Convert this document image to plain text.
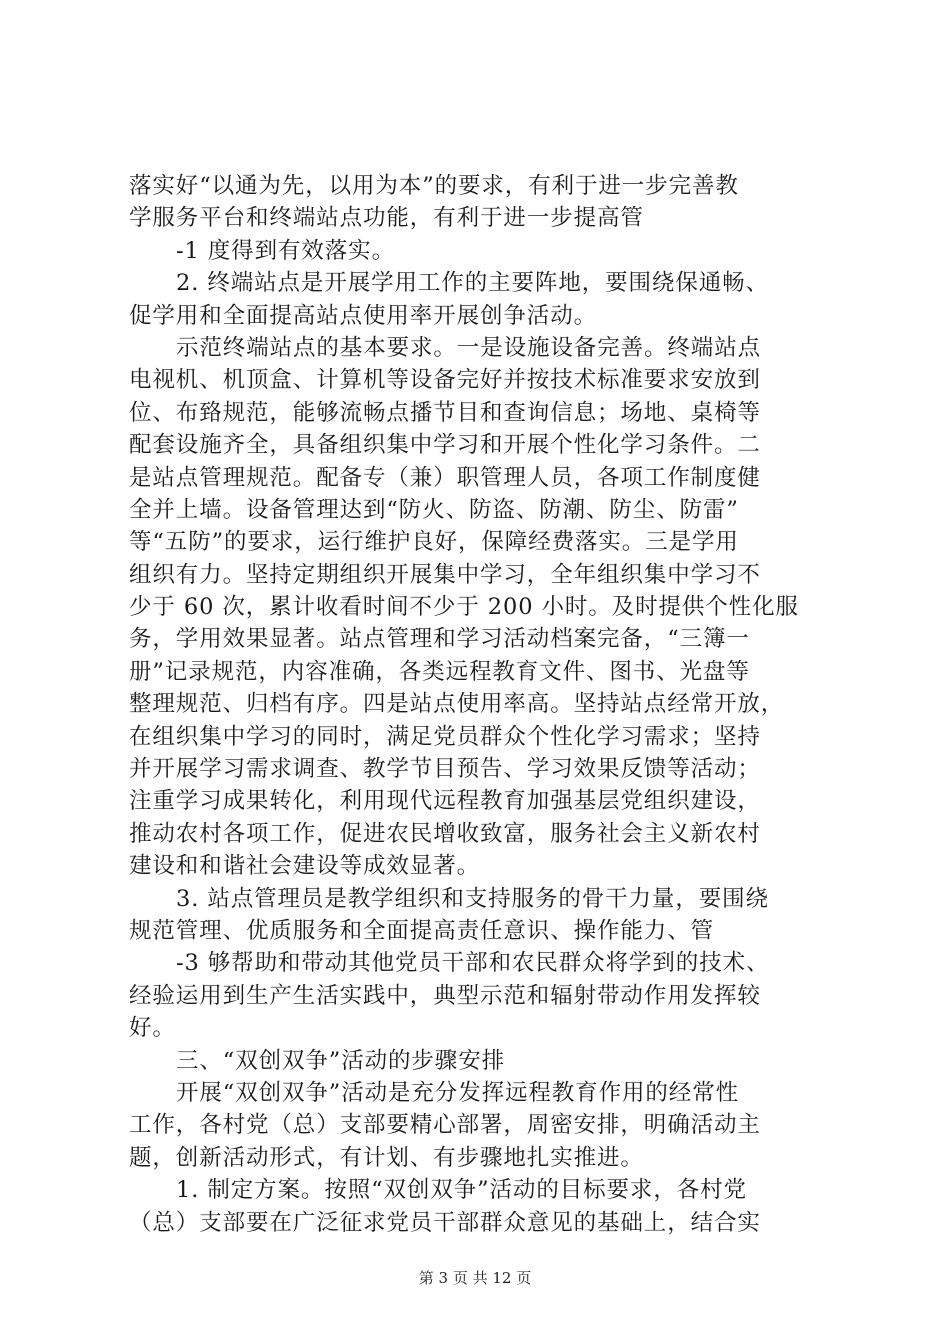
落实好“以通为先，以用为本”的要求，有利于进一步完善教
学服务平台和终端站点功能，有利于进一步提高管
-1 度得到有效落实。
2. 终端站点是开展学用工作的主要阵地，要围绕保通畅、
促学用和全面提高站点使用率开展创争活动。
示范终端站点的基本要求。一是设施设备完善。终端站点
电视机、机顶盒、计算机等设备完好并按技术标准要求安放到
位、布臵规范，能够流畅点播节目和查询信息；场地、桌椅等
配套设施齐全，具备组织集中学习和开展个性化学习条件。二
是站点管理规范。配备专（兼）职管理人员，各项工作制度健
全并上墙。设备管理达到“防火、防盗、防潮、防尘、防雷”
等“五防”的要求，运行维护良好，保障经费落实。三是学用
组织有力。坚持定期组织开展集中学习，全年组织集中学习不
少于 60 次，累计收看时间不少于 200 小时。及时提供个性化服
务，学用效果显著。站点管理和学习活动档案完备，“三簿一
册”记录规范，内容准确，各类远程教育文件、图书、光盘等
整理规范、归档有序。四是站点使用率高。坚持站点经常开放，
在组织集中学习的同时，满足党员群众个性化学习需求；坚持
并开展学习需求调查、教学节目预告、学习效果反馈等活动；
注重学习成果转化，利用现代远程教育加强基层党组织建设，
推动农村各项工作，促进农民增收致富，服务社会主义新农村
建设和和谐社会建设等成效显著。
3. 站点管理员是教学组织和支持服务的骨干力量，要围绕
规范管理、优质服务和全面提高责任意识、操作能力、管
-3 够帮助和带动其他党员干部和农民群众将学到的技术、
经验运用到生产生活实践中，典型示范和辐射带动作用发挥较
好。
三、“双创双争”活动的步骤安排
开展“双创双争”活动是充分发挥远程教育作用的经常性
工作，各村党（总）支部要精心部署，周密安排，明确活动主
题，创新活动形式，有计划、有步骤地扎实推进。
1. 制定方案。按照“双创双争”活动的目标要求，各村党
（总）支部要在广泛征求党员干部群众意见的基础上，结合实
第 3 页 共 12 页
